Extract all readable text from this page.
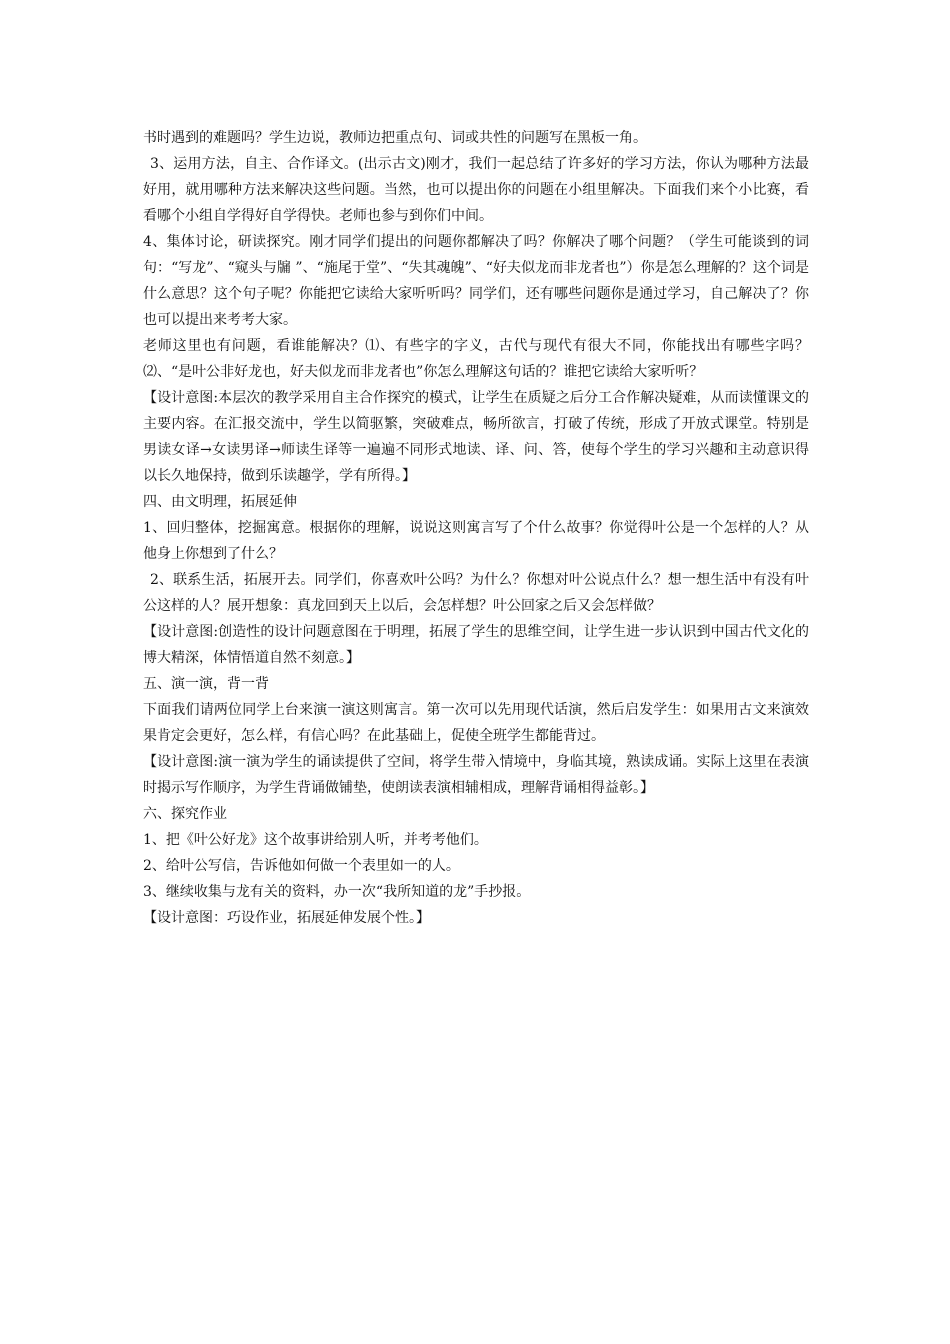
书时遇到的难题吗？学生边说，教师边把重点句、词或共性的问题写在黑板一角。

3、运用方法，自主、合作译文。(出示古文)刚才，我们一起总结了许多好的学习方法，你认为哪种方法最好用，就用哪种方法来解决这些问题。当然，也可以提出你的问题在小组里解决。下面我们来个小比赛，看看哪个小组自学得好自学得快。老师也参与到你们中间。

4、集体讨论，研读探究。刚才同学们提出的问题你都解决了吗？你解决了哪个问题？（学生可能谈到的词句：“写龙”、“窥头与牖 ”、“施尾于堂”、“失其魂魄”、“好夫似龙而非龙者也”）你是怎么理解的？这个词是什么意思？这个句子呢？你能把它读给大家听听吗？同学们，还有哪些问题你是通过学习，自己解决了？你也可以提出来考考大家。

老师这里也有问题，看谁能解决？⑴、有些字的字义，古代与现代有很大不同，你能找出有哪些字吗？⑵、“是叶公非好龙也，好夫似龙而非龙者也”你怎么理解这句话的？谁把它读给大家听听？

【设计意图:本层次的教学采用自主合作探究的模式，让学生在质疑之后分工合作解决疑难，从而读懂课文的主要内容。在汇报交流中，学生以简驱繁，突破难点，畅所欲言，打破了传统，形成了开放式课堂。特别是男读女译→女读男译→师读生译等一遍遍不同形式地读、译、问、答，使每个学生的学习兴趣和主动意识得以长久地保持，做到乐读趣学，学有所得。】

四、由文明理，拓展延伸

1、回归整体，挖掘寓意。根据你的理解，说说这则寓言写了个什么故事？你觉得叶公是一个怎样的人？从他身上你想到了什么？

2、联系生活，拓展开去。同学们，你喜欢叶公吗？为什么？你想对叶公说点什么？想一想生活中有没有叶公这样的人？展开想象：真龙回到天上以后，会怎样想？叶公回家之后又会怎样做？

【设计意图:创造性的设计问题意图在于明理，拓展了学生的思维空间，让学生进一步认识到中国古代文化的博大精深，体情悟道自然不刻意。】

五、演一演，背一背

下面我们请两位同学上台来演一演这则寓言。第一次可以先用现代话演，然后启发学生：如果用古文来演效果肯定会更好，怎么样，有信心吗？在此基础上，促使全班学生都能背过。

【设计意图:演一演为学生的诵读提供了空间，将学生带入情境中，身临其境，熟读成诵。实际上这里在表演时揭示写作顺序，为学生背诵做铺垫，使朗读表演相辅相成，理解背诵相得益彰。】

六、探究作业

1、把《叶公好龙》这个故事讲给别人听，并考考他们。

2、给叶公写信，告诉他如何做一个表里如一的人。

3、继续收集与龙有关的资料，办一次“我所知道的龙”手抄报。

【设计意图：巧设作业，拓展延伸发展个性。】
